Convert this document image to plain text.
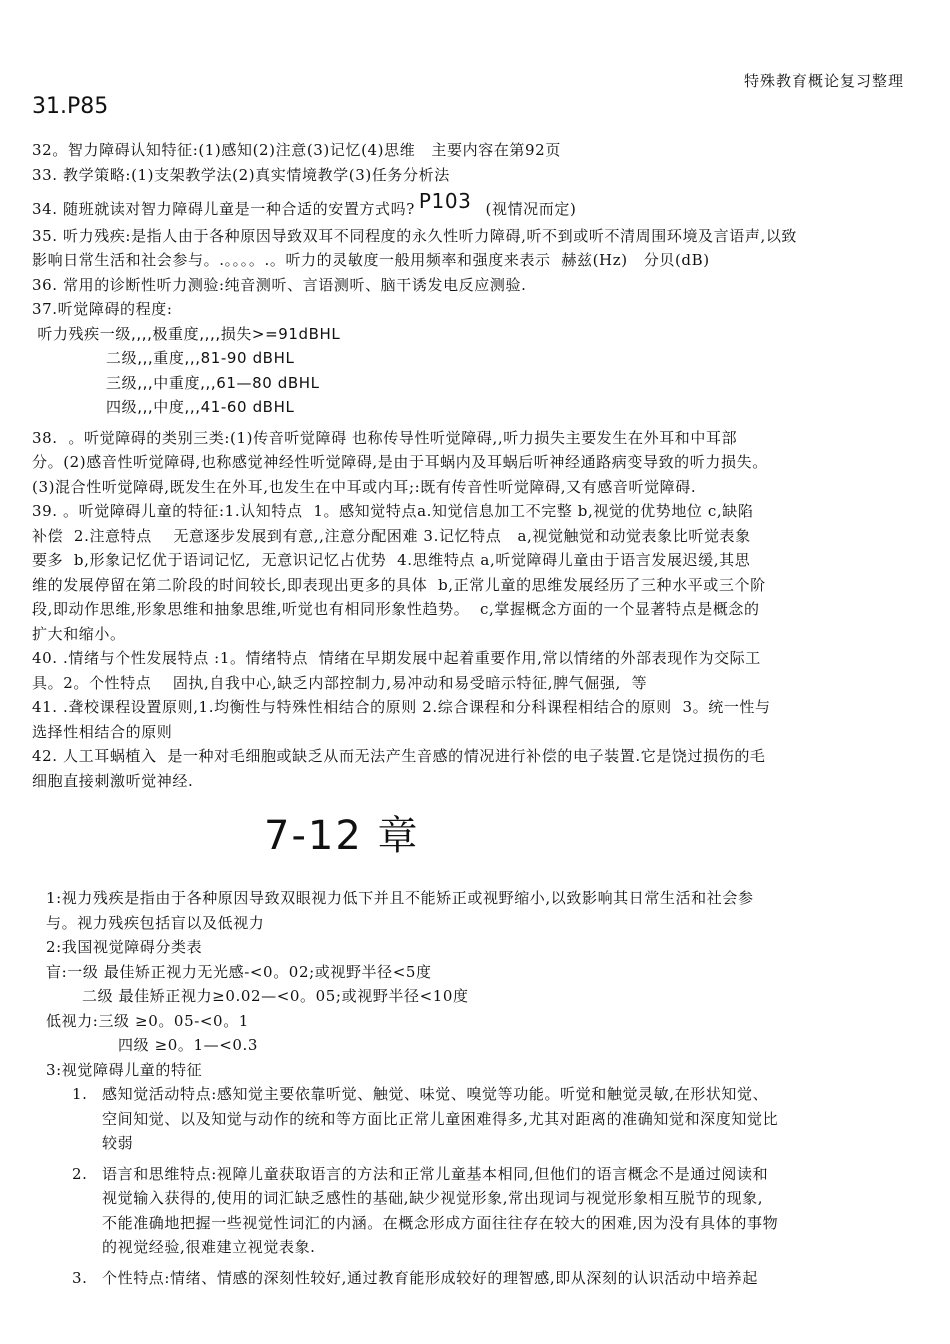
特殊教育概论复习整理
31.P85
32。智力障碍认知特征:(1)感知(2)注意(3)记忆(4)思维   主要内容在第92页
33. 教学策略:(1)支架教学法(2)真实情境教学(3)任务分析法
34. 随班就读对智力障碍儿童是一种合适的安置方式吗? P103 (视情况而定)
35. 听力残疾:是指人由于各种原因导致双耳不同程度的永久性听力障碍,听不到或听不清周围环境及言语声,以致
影响日常生活和社会参与。.。。。。.。听力的灵敏度一般用频率和强度来表示  赫兹(Hz)   分贝(dB)
36. 常用的诊断性听力测验:纯音测听、言语测听、脑干诱发电反应测验.
37.听觉障碍的程度:
听力残疾一级,,,,极重度,,,,损失>=91dBHL
二级,,,重度,,,81-90 dBHL
三级,,,中重度,,,61—80 dBHL
四级,,,中度,,,41-60 dBHL
38.  。听觉障碍的类别三类:(1)传音听觉障碍 也称传导性听觉障碍,,听力损失主要发生在外耳和中耳部
分。(2)感音性听觉障碍,也称感觉神经性听觉障碍,是由于耳蜗内及耳蜗后听神经通路病变导致的听力损失。
(3)混合性听觉障碍,既发生在外耳,也发生在中耳或内耳;:既有传音性听觉障碍,又有感音听觉障碍.
39. 。听觉障碍儿童的特征:1.认知特点  1。感知觉特点a.知觉信息加工不完整 b,视觉的优势地位 c,缺陷
补偿  2.注意特点    无意逐步发展到有意,,注意分配困难 3.记忆特点   a,视觉触觉和动觉表象比听觉表象
要多  b,形象记忆优于语词记忆,  无意识记忆占优势  4.思维特点 a,听觉障碍儿童由于语言发展迟缓,其思
维的发展停留在第二阶段的时间较长,即表现出更多的具体  b,正常儿童的思维发展经历了三种水平或三个阶
段,即动作思维,形象思维和抽象思维,听觉也有相同形象性趋势。  c,掌握概念方面的一个显著特点是概念的
扩大和缩小。
40. .情绪与个性发展特点 :1。情绪特点  情绪在早期发展中起着重要作用,常以情绪的外部表现作为交际工
具。2。个性特点    固执,自我中心,缺乏内部控制力,易冲动和易受暗示特征,脾气倔强,  等
41. .聋校课程设置原则,1.均衡性与特殊性相结合的原则 2.综合课程和分科课程相结合的原则  3。统一性与
选择性相结合的原则
42. 人工耳蜗植入  是一种对毛细胞或缺乏从而无法产生音感的情况进行补偿的电子装置.它是饶过损伤的毛
细胞直接刺激听觉神经.
7-12 章
1:视力残疾是指由于各种原因导致双眼视力低下并且不能矫正或视野缩小,以致影响其日常生活和社会参
与。视力残疾包括盲以及低视力
2:我国视觉障碍分类表
盲:一级 最佳矫正视力无光感-<0。02;或视野半径<5度
二级 最佳矫正视力≥0.02—<0。05;或视野半径<10度
低视力:三级 ≥0。05-<0。1
四级 ≥0。1—<0.3
3:视觉障碍儿童的特征
1. 感知觉活动特点:感知觉主要依靠听觉、触觉、味觉、嗅觉等功能。听觉和触觉灵敏,在形状知觉、
空间知觉、以及知觉与动作的统和等方面比正常儿童困难得多,尤其对距离的准确知觉和深度知觉比
较弱
2. 语言和思维特点:视障儿童获取语言的方法和正常儿童基本相同,但他们的语言概念不是通过阅读和
视觉输入获得的,使用的词汇缺乏感性的基础,缺少视觉形象,常出现词与视觉形象相互脱节的现象,
不能准确地把握一些视觉性词汇的内涵。在概念形成方面往往存在较大的困难,因为没有具体的事物
的视觉经验,很难建立视觉表象.
3. 个性特点:情绪、情感的深刻性较好,通过教育能形成较好的理智感,即从深刻的认识活动中培养起
